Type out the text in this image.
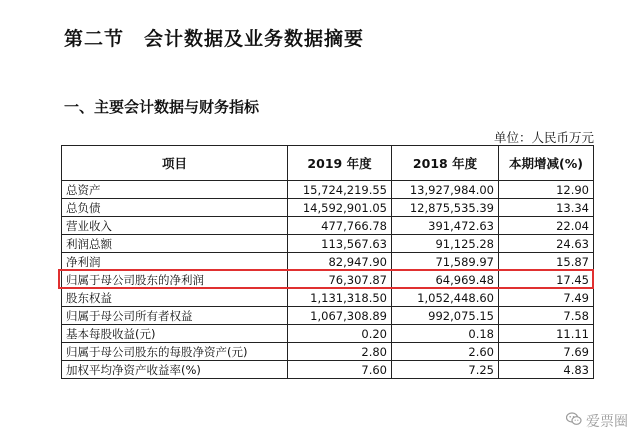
第二节　会计数据及业务数据摘要
一、主要会计数据与财务指标
单位：人民币万元
项目	2019 年度	2018 年度	本期增减(%)
总资产	15,724,219.55	13,927,984.00	12.90
总负债	14,592,901.05	12,875,535.39	13.34
营业收入	477,766.78	391,472.63	22.04
利润总额	113,567.63	91,125.28	24.63
净利润	82,947.90	71,589.97	15.87
归属于母公司股东的净利润	76,307.87	64,969.48	17.45
股东权益	1,131,318.50	1,052,448.60	7.49
归属于母公司所有者权益	1,067,308.89	992,075.15	7.58
基本每股收益(元)	0.20	0.18	11.11
归属于母公司股东的每股净资产(元)	2.80	2.60	7.69
加权平均净资产收益率(%)	7.60	7.25	4.83
爱票圈
